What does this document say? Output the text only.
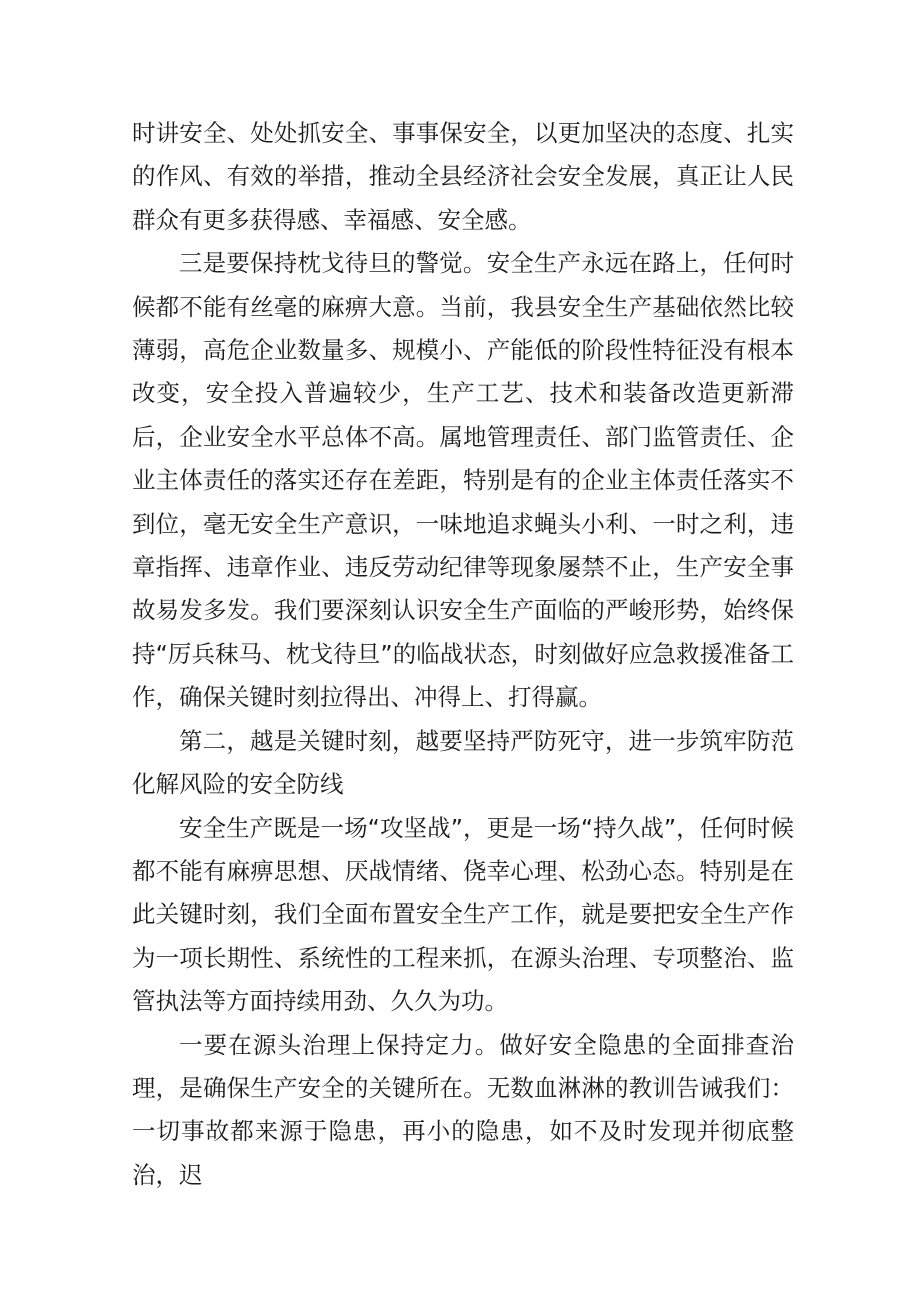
时讲安全、处处抓安全、事事保安全，以更加坚决的态度、扎实的作风、有效的举措，推动全县经济社会安全发展，真正让人民群众有更多获得感、幸福感、安全感。

三是要保持枕戈待旦的警觉。安全生产永远在路上，任何时候都不能有丝毫的麻痹大意。当前，我县安全生产基础依然比较薄弱，高危企业数量多、规模小、产能低的阶段性特征没有根本改变，安全投入普遍较少，生产工艺、技术和装备改造更新滞后，企业安全水平总体不高。属地管理责任、部门监管责任、企业主体责任的落实还存在差距，特别是有的企业主体责任落实不到位，毫无安全生产意识，一味地追求蝇头小利、一时之利，违章指挥、违章作业、违反劳动纪律等现象屡禁不止，生产安全事故易发多发。我们要深刻认识安全生产面临的严峻形势，始终保持“厉兵秣马、枕戈待旦”的临战状态，时刻做好应急救援准备工作，确保关键时刻拉得出、冲得上、打得赢。

第二，越是关键时刻，越要坚持严防死守，进一步筑牢防范化解风险的安全防线

安全生产既是一场“攻坚战”，更是一场“持久战”，任何时候都不能有麻痹思想、厌战情绪、侥幸心理、松劲心态。特别是在此关键时刻，我们全面布置安全生产工作，就是要把安全生产作为一项长期性、系统性的工程来抓，在源头治理、专项整治、监管执法等方面持续用劲、久久为功。

一要在源头治理上保持定力。做好安全隐患的全面排查治理，是确保生产安全的关键所在。无数血淋淋的教训告诫我们：一切事故都来源于隐患，再小的隐患，如不及时发现并彻底整治，迟
